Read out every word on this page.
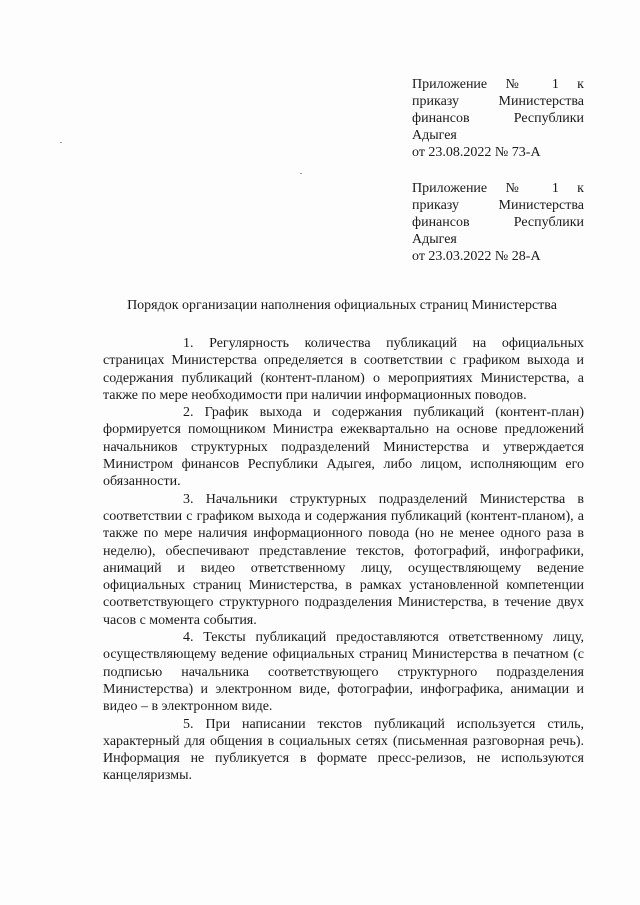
Приложение № 1 к
приказу Министерства
финансов Республики
Адыгея
от 23.08.2022 № 73-А
Приложение № 1 к
приказу Министерства
финансов Республики
Адыгея
от 23.03.2022 № 28-А
Порядок организации наполнения официальных страниц Министерства

1. Регулярность количества публикаций на официальных страницах Министерства определяется в соответствии с графиком выхода и содержания публикаций (контент-планом) о мероприятиях Министерства, а также по мере необходимости при наличии информационных поводов.

2. График выхода и содержания публикаций (контент-план) формируется помощником Министра ежеквартально на основе предложений начальников структурных подразделений Министерства и утверждается Министром финансов Республики Адыгея, либо лицом, исполняющим его обязанности.

3. Начальники структурных подразделений Министерства в соответствии с графиком выхода и содержания публикаций (контент-планом), а также по мере наличия информационного повода (но не менее одного раза в неделю), обеспечивают представление текстов, фотографий, инфографики, анимаций и видео ответственному лицу, осуществляющему ведение официальных страниц Министерства, в рамках установленной компетенции соответствующего структурного подразделения Министерства, в течение двух часов с момента события.

4. Тексты публикаций предоставляются ответственному лицу, осуществляющему ведение официальных страниц Министерства в печатном (с подписью начальника соответствующего структурного подразделения Министерства) и электронном виде, фотографии, инфографика, анимации и видео – в электронном виде.

5. При написании текстов публикаций используется стиль, характерный для общения в социальных сетях (письменная разговорная речь). Информация не публикуется в формате пресс-релизов, не используются канцеляризмы.
